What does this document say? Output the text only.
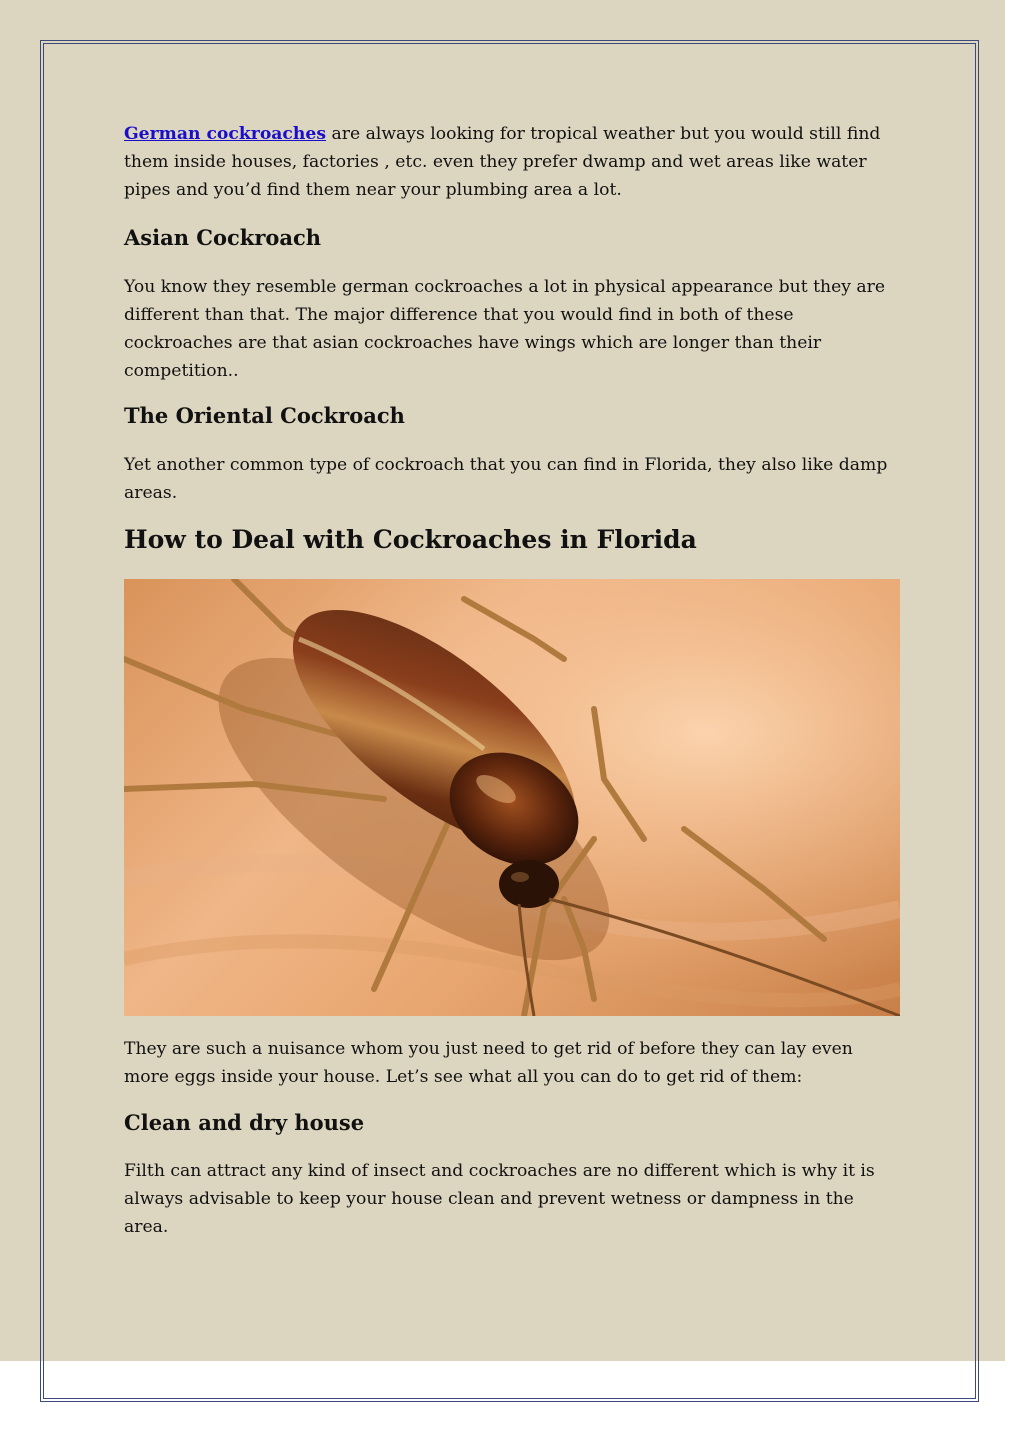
German cockroaches are always looking for tropical weather but you would still find them inside houses, factories , etc. even they prefer dwamp and wet areas like water pipes and you’d find them near your plumbing area a lot.

Asian Cockroach

You know they resemble german cockroaches a lot in physical appearance but they are different than that. The major difference that you would find in both of these cockroaches are that asian cockroaches have wings which are longer than their competition..

The Oriental Cockroach

Yet another common type of cockroach that you can find in Florida, they also like damp areas.

How to Deal with Cockroaches in Florida

They are such a nuisance whom you just need to get rid of before they can lay even more eggs inside your house. Let’s see what all you can do to get rid of them:

Clean and dry house

Filth can attract any kind of insect and cockroaches are no different which is why it is always advisable to keep your house clean and prevent wetness or dampness in the area.
